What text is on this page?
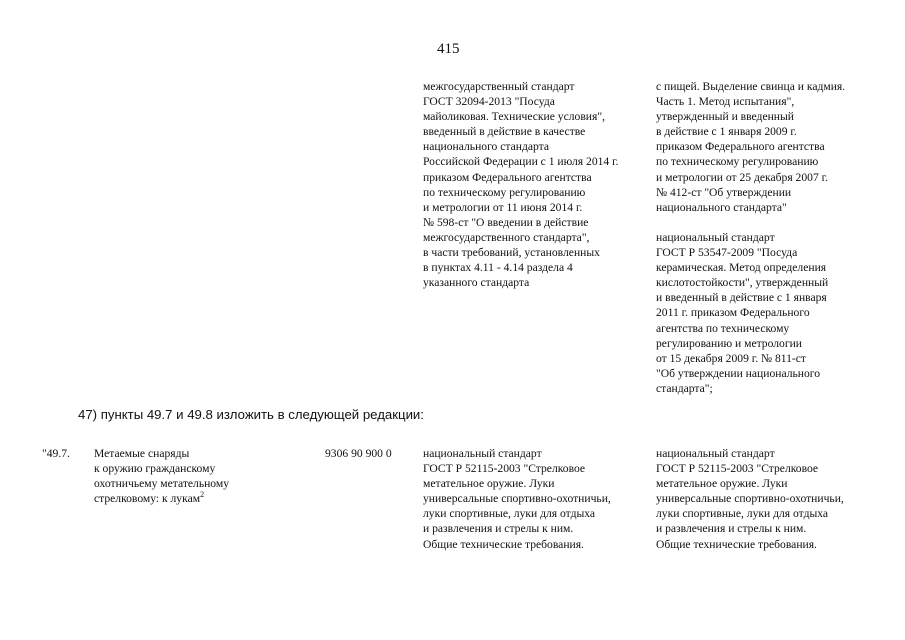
415

межгосударственный стандарт
ГОСТ 32094-2013 "Посуда
майоликовая. Технические условия",
введенный в действие в качестве
национального стандарта
Российской Федерации с 1 июля 2014 г.
приказом Федерального агентства
по техническому регулированию
и метрологии от 11 июня 2014 г.
№ 598-ст "О введении в действие
межгосударственного стандарта",
в части требований, установленных
в пунктах 4.11 - 4.14 раздела 4
указанного стандарта

с пищей. Выделение свинца и кадмия.
Часть 1. Метод испытания",
утвержденный и введенный
в действие с 1 января 2009 г.
приказом Федерального агентства
по техническому регулированию
и метрологии от 25 декабря 2007 г.
№ 412-ст "Об утверждении
национального стандарта"

национальный стандарт
ГОСТ Р 53547-2009 "Посуда
керамическая. Метод определения
кислотостойкости", утвержденный
и введенный в действие с 1 января
2011 г. приказом Федерального
агентства по техническому
регулированию и метрологии
от 15 декабря 2009 г. № 811-ст
"Об утверждении национального
стандарта";

47) пункты 49.7 и 49.8 изложить в следующей редакции:
"49.7. Метаемые снаряды
к оружию гражданскому
охотничьему метательному
стрелковому: к лукам$^2$
9306 90 900 0	национальный стандарт
ГОСТ Р 52115-2003 "Стрелковое
метательное оружие. Луки
универсальные спортивно-охотничьи,
луки спортивные, луки для отдыха
и развлечения и стрелы к ним.
Общие технические требования.
национальный стандарт
ГОСТ Р 52115-2003 "Стрелковое
метательное оружие. Луки
универсальные спортивно-охотничьи,
луки спортивные, луки для отдыха
и развлечения и стрелы к ним.
Общие технические требования.
